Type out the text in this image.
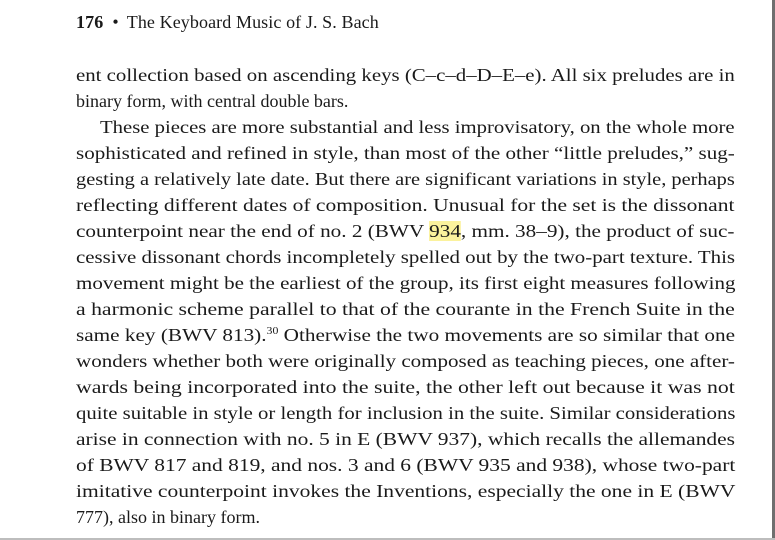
176 • The Keyboard Music of J. S. Bach
ent collection based on ascending keys (C–c–d–D–E–e). All six preludes are in
binary form, with central double bars.
These pieces are more substantial and less improvisatory, on the whole more
sophisticated and refined in style, than most of the other “little preludes,” sug-
gesting a relatively late date. But there are significant variations in style, perhaps
reflecting different dates of composition. Unusual for the set is the dissonant
counterpoint near the end of no. 2 (BWV 934, mm. 38–9), the product of suc-
cessive dissonant chords incompletely spelled out by the two-part texture. This
movement might be the earliest of the group, its first eight measures following
a harmonic scheme parallel to that of the courante in the French Suite in the
same key (BWV 813).$^{30}$ Otherwise the two movements are so similar that one
wonders whether both were originally composed as teaching pieces, one after-
wards being incorporated into the suite, the other left out because it was not
quite suitable in style or length for inclusion in the suite. Similar considerations
arise in connection with no. 5 in E (BWV 937), which recalls the allemandes
of BWV 817 and 819, and nos. 3 and 6 (BWV 935 and 938), whose two-part
imitative counterpoint invokes the Inventions, especially the one in E (BWV
777), also in binary form.
